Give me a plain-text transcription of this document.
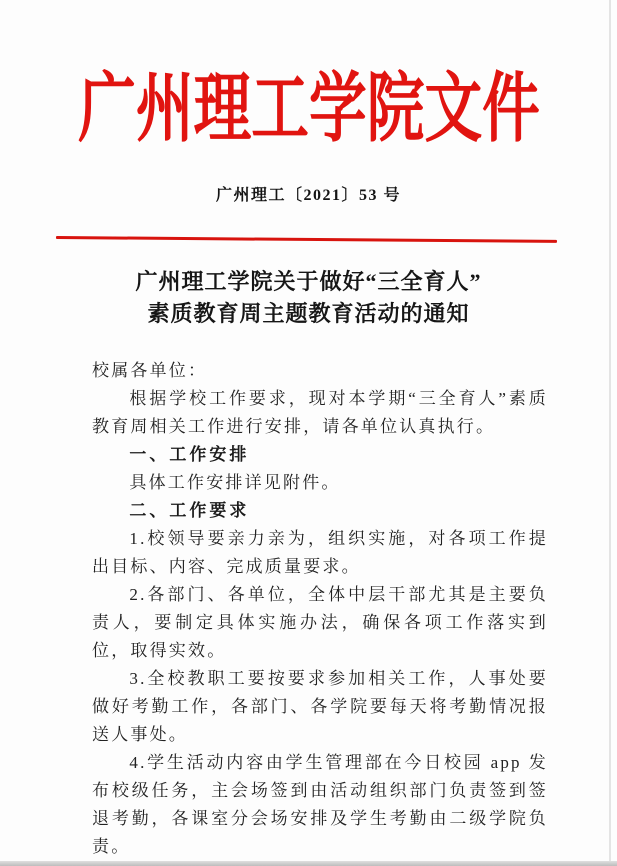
广州理工学院文件
广州理工〔2021〕53 号
广州理工学院关于做好“三全育人”
素质教育周主题教育活动的通知

校属各单位：

根据学校工作要求，现对本学期“三全育人”素质教育周相关工作进行安排，请各单位认真执行。

一、工作安排

具体工作安排详见附件。

二、工作要求

1.校领导要亲力亲为，组织实施，对各项工作提出目标、内容、完成质量要求。

2.各部门、各单位，全体中层干部尤其是主要负责人，要制定具体实施办法，确保各项工作落实到位，取得实效。

3.全校教职工要按要求参加相关工作，人事处要做好考勤工作，各部门、各学院要每天将考勤情况报送人事处。

4.学生活动内容由学生管理部在今日校园 app 发布校级任务，主会场签到由活动组织部门负责签到签退考勤，各课室分会场安排及学生考勤由二级学院负责。
